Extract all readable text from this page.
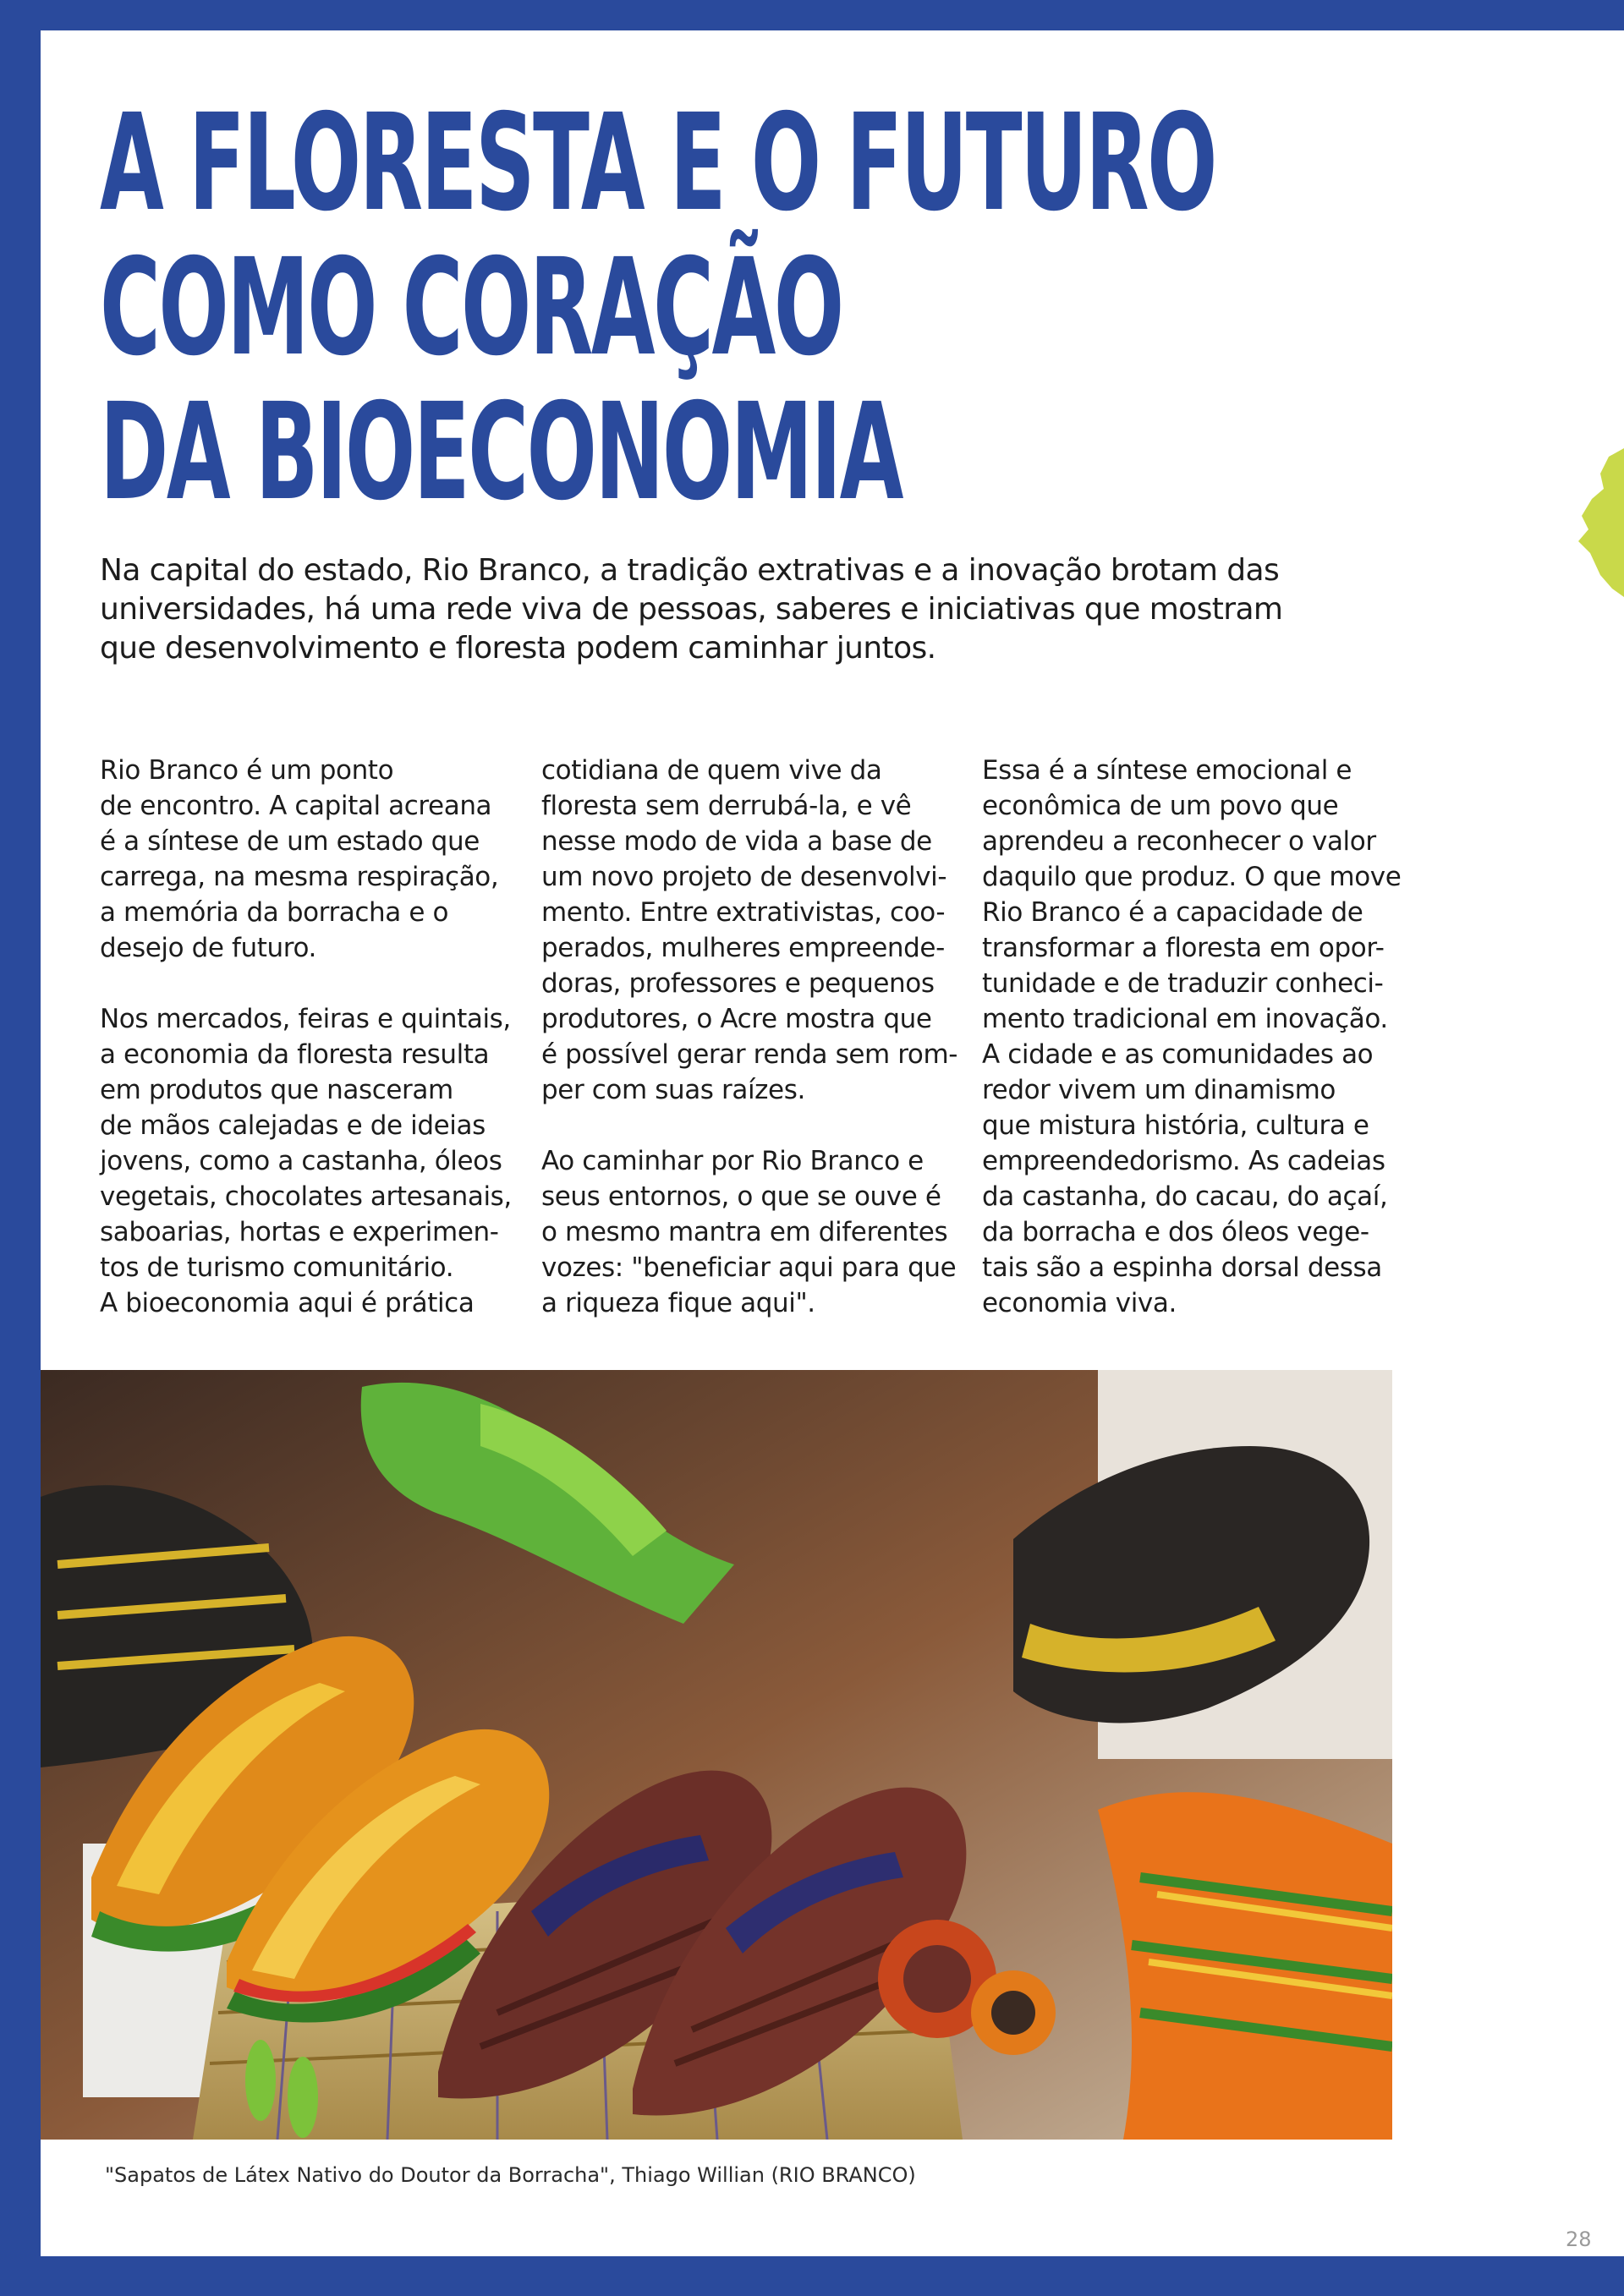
A FLORESTA E O FUTURO
COMO CORAÇÃO
DA BIOECONOMIA
Na capital do estado, Rio Branco, a tradição extrativas e a inovação brotam das
universidades, há uma rede viva de pessoas, saberes e iniciativas que mostram
que desenvolvimento e floresta podem caminhar juntos.
Rio Branco é um ponto
de encontro. A capital acreana
é a síntese de um estado que
carrega, na mesma respiração,
a memória da borracha e o
desejo de futuro.
Nos mercados, feiras e quintais,
a economia da floresta resulta
em produtos que nasceram
de mãos calejadas e de ideias
jovens, como a castanha, óleos
vegetais, chocolates artesanais,
saboarias, hortas e experimen-
tos de turismo comunitário.
A bioeconomia aqui é prática
cotidiana de quem vive da
floresta sem derrubá-la, e vê
nesse modo de vida a base de
um novo projeto de desenvolvi-
mento. Entre extrativistas, coo-
perados, mulheres empreende-
doras, professores e pequenos
produtores, o Acre mostra que
é possível gerar renda sem rom-
per com suas raízes.
Ao caminhar por Rio Branco e
seus entornos, o que se ouve é
o mesmo mantra em diferentes
vozes: "beneficiar aqui para que
a riqueza fique aqui".
Essa é a síntese emocional e
econômica de um povo que
aprendeu a reconhecer o valor
daquilo que produz. O que move
Rio Branco é a capacidade de
transformar a floresta em opor-
tunidade e de traduzir conheci-
mento tradicional em inovação.
A cidade e as comunidades ao
redor vivem um dinamismo
que mistura história, cultura e
empreendedorismo. As cadeias
da castanha, do cacau, do açaí,
da borracha e dos óleos vege-
tais são a espinha dorsal dessa
economia viva.
"Sapatos de Látex Nativo do Doutor da Borracha", Thiago Willian (RIO BRANCO)
28
